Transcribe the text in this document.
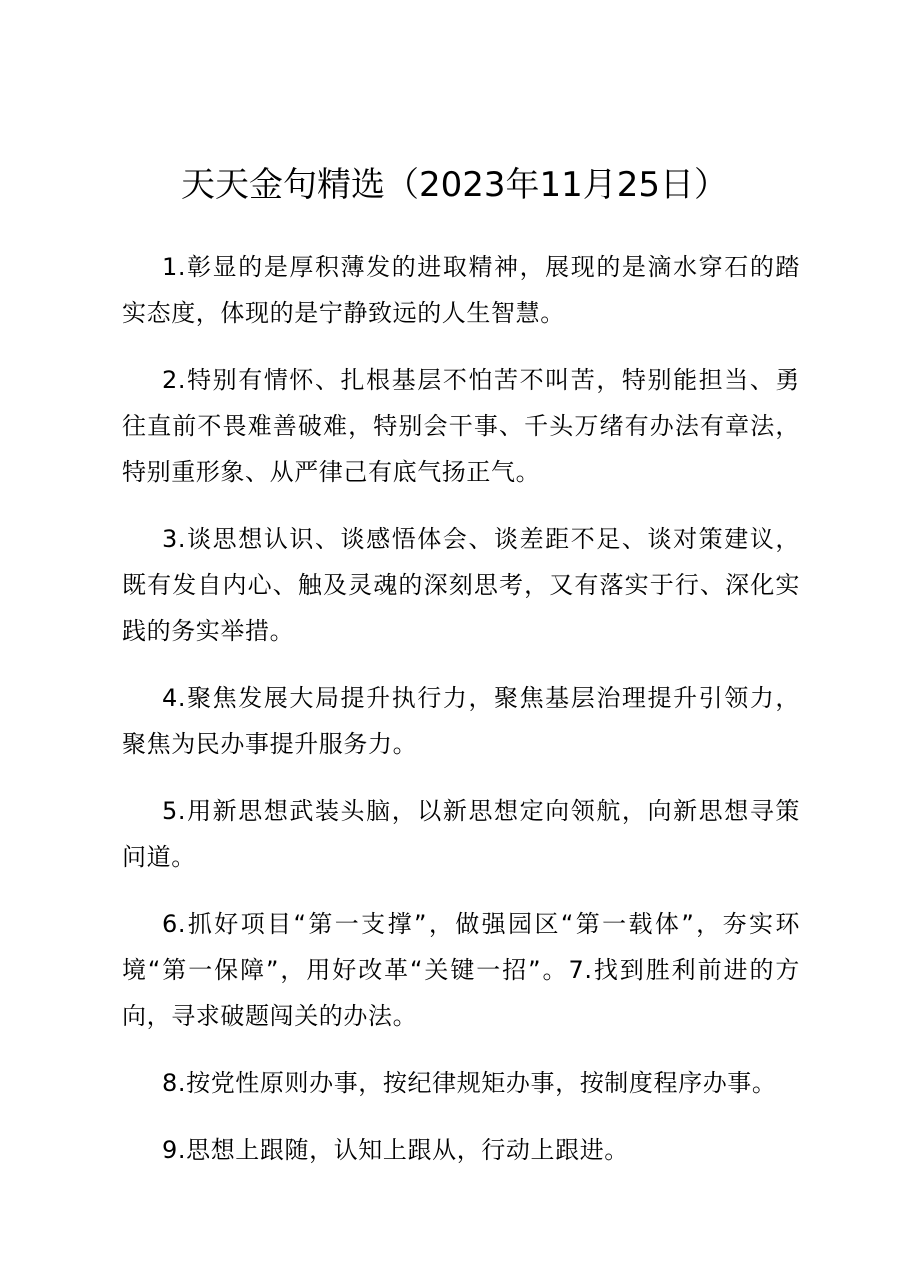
天天金句精选（2023年11月25日）

1.彰显的是厚积薄发的进取精神，展现的是滴水穿石的踏实态度，体现的是宁静致远的人生智慧。

2.特别有情怀、扎根基层不怕苦不叫苦，特别能担当、勇往直前不畏难善破难，特别会干事、千头万绪有办法有章法，特别重形象、从严律己有底气扬正气。

3.谈思想认识、谈感悟体会、谈差距不足、谈对策建议，既有发自内心、触及灵魂的深刻思考，又有落实于行、深化实践的务实举措。

4.聚焦发展大局提升执行力，聚焦基层治理提升引领力，聚焦为民办事提升服务力。

5.用新思想武装头脑，以新思想定向领航，向新思想寻策问道。

6.抓好项目“第一支撑”，做强园区“第一载体”，夯实环境“第一保障”，用好改革“关键一招”。7.找到胜利前进的方向，寻求破题闯关的办法。

8.按党性原则办事，按纪律规矩办事，按制度程序办事。

9.思想上跟随，认知上跟从，行动上跟进。
